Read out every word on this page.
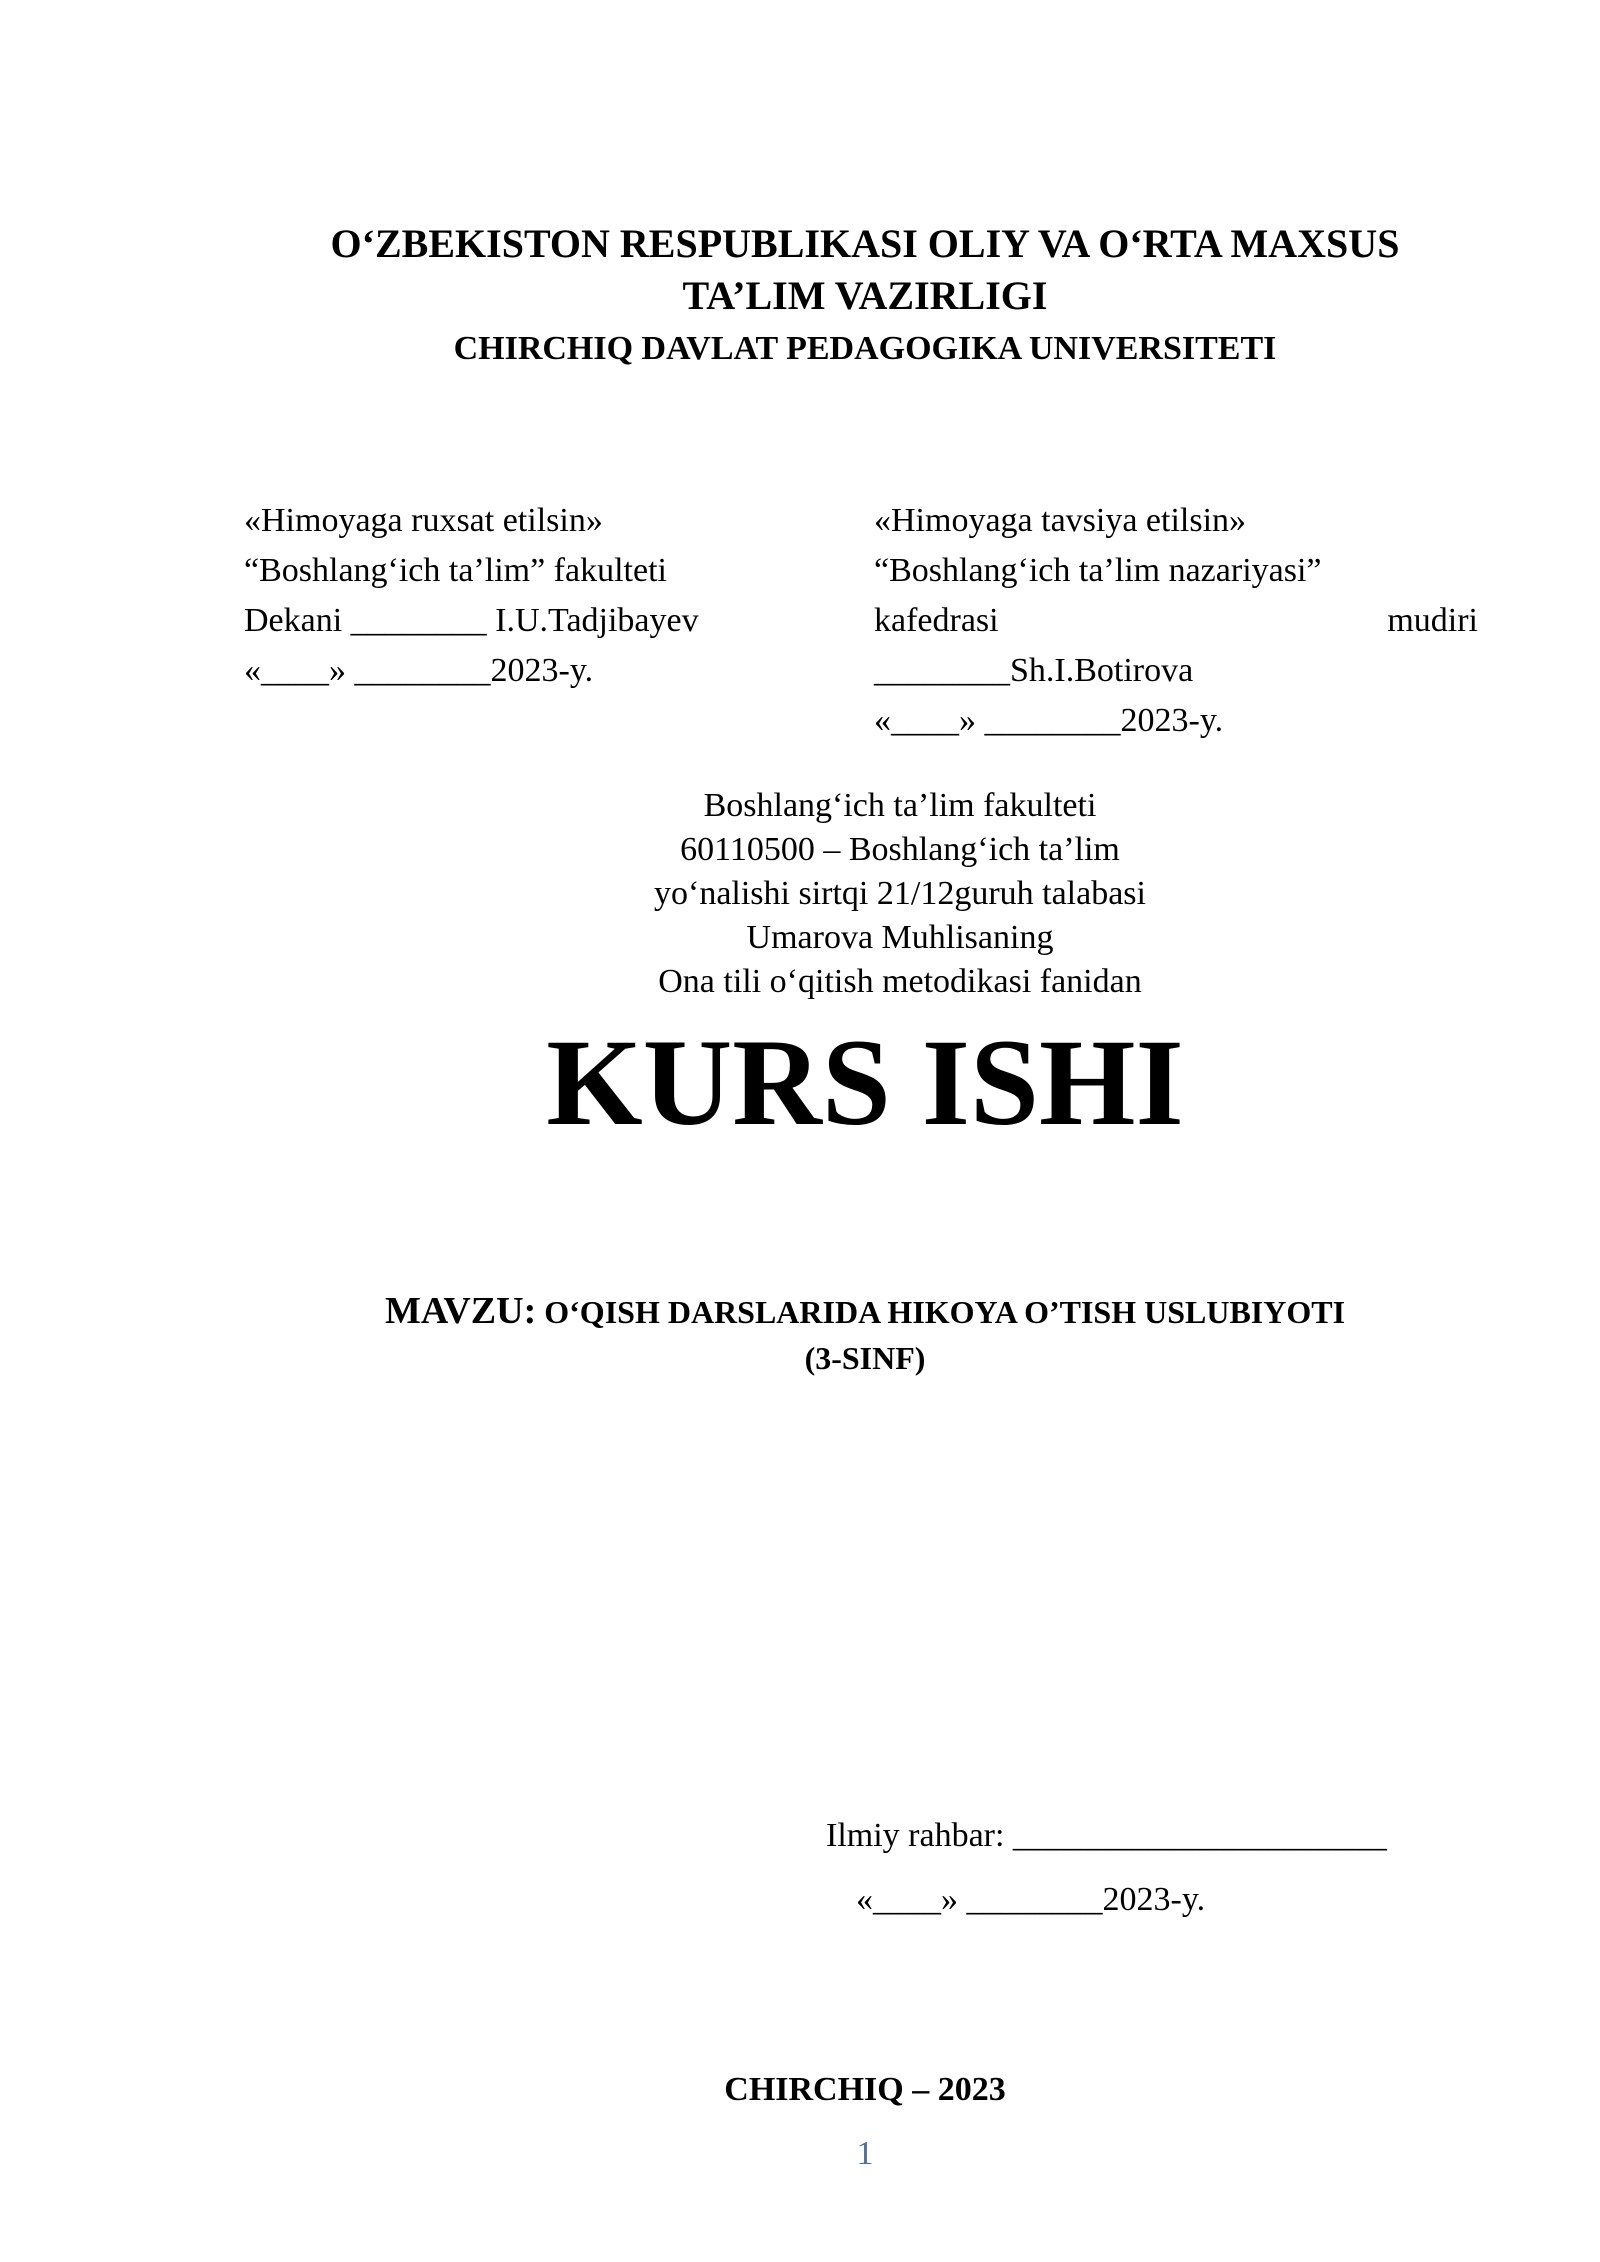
O‘ZBEKISTON RESPUBLIKASI OLIY VA O‘RTA MAXSUS
TA’LIM VAZIRLIGI
CHIRCHIQ DAVLAT PEDAGOGIKA UNIVERSITETI
«Himoyaga ruxsat etilsin»
“Boshlang‘ich ta’lim” fakulteti
Dekani ________ I.U.Tadjibayev
«____» ________2023-y.
«Himoyaga tavsiya etilsin»
“Boshlang‘ich ta’lim nazariyasi”
kafedrasi	mudiri
________Sh.I.Botirova
«____» ________2023-y.
Boshlang‘ich ta’lim fakulteti
60110500 – Boshlang‘ich ta’lim
yo‘nalishi sirtqi 21/12guruh talabasi
Umarova Muhlisaning
Ona tili o‘qitish metodikasi fanidan
KURS ISHI
MAVZU: O‘QISH DARSLARIDA HIKOYA O’TISH USLUBIYOTI
(3-SINF)
Ilmiy rahbar: ______________________
«____» ________2023-y.
CHIRCHIQ – 2023
1
